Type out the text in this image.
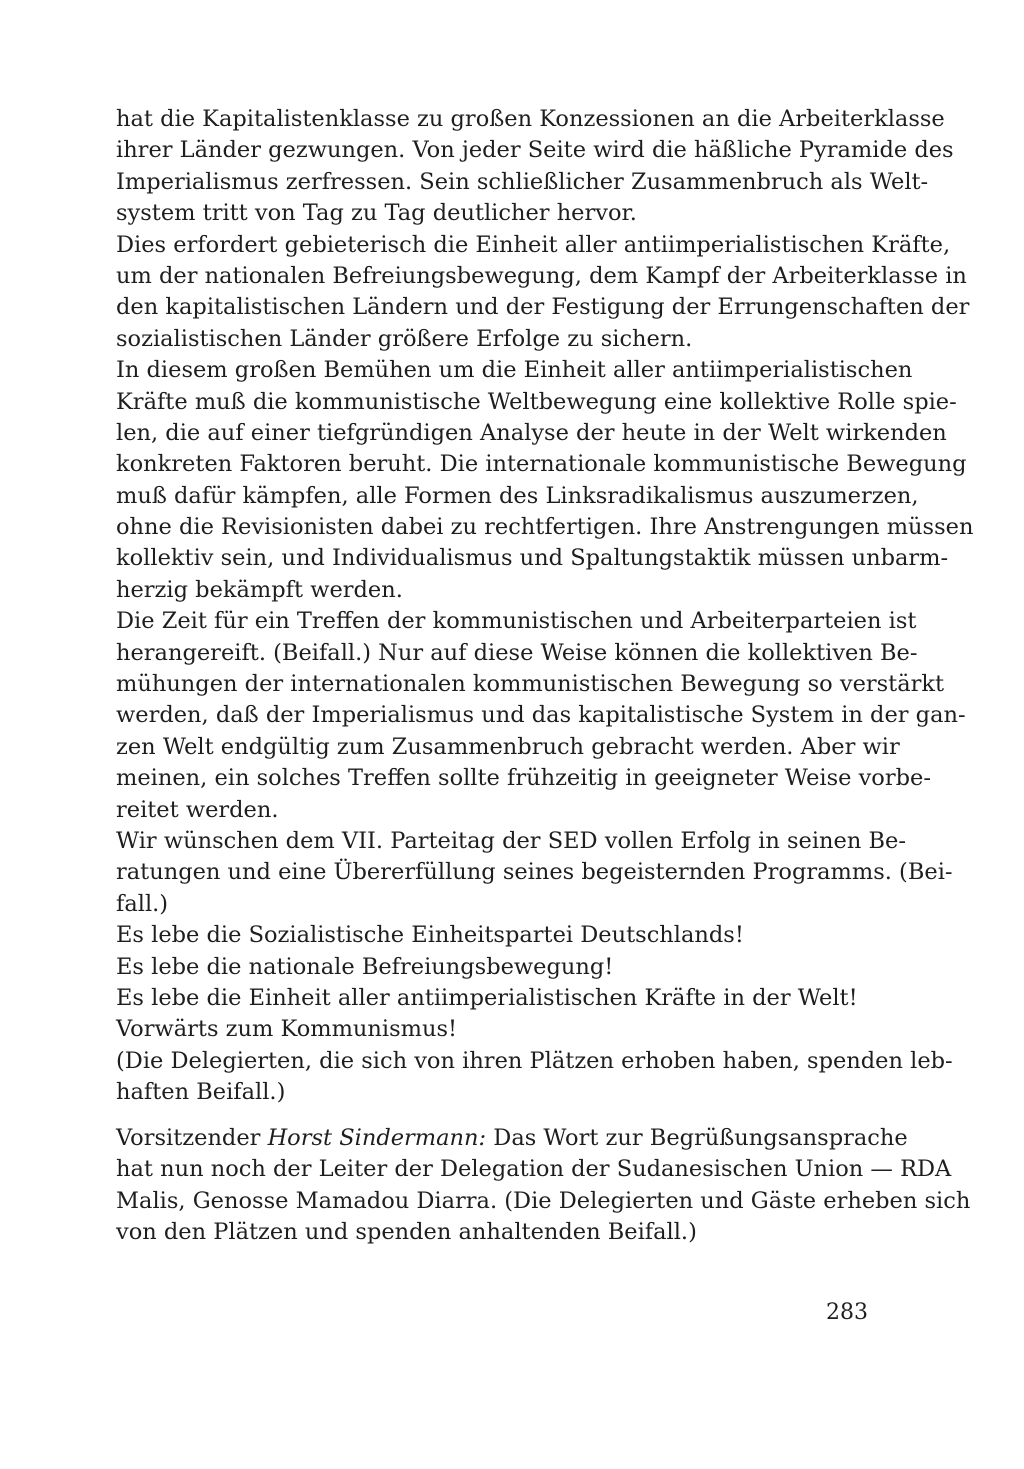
hat die Kapitalistenklasse zu großen Konzessionen an die Arbeiterklasse
ihrer Länder gezwungen. Von jeder Seite wird die häßliche Pyramide des
Imperialismus zerfressen. Sein schließlicher Zusammenbruch als Welt-
system tritt von Tag zu Tag deutlicher hervor.
Dies erfordert gebieterisch die Einheit aller antiimperialistischen Kräfte,
um der nationalen Befreiungsbewegung, dem Kampf der Arbeiterklasse in
den kapitalistischen Ländern und der Festigung der Errungenschaften der
sozialistischen Länder größere Erfolge zu sichern.
In diesem großen Bemühen um die Einheit aller antiimperialistischen
Kräfte muß die kommunistische Weltbewegung eine kollektive Rolle spie-
len, die auf einer tiefgründigen Analyse der heute in der Welt wirkenden
konkreten Faktoren beruht. Die internationale kommunistische Bewegung
muß dafür kämpfen, alle Formen des Linksradikalismus auszumerzen,
ohne die Revisionisten dabei zu rechtfertigen. Ihre Anstrengungen müssen
kollektiv sein, und Individualismus und Spaltungstaktik müssen unbarm-
herzig bekämpft werden.
Die Zeit für ein Treffen der kommunistischen und Arbeiterparteien ist
herangereift. (Beifall.) Nur auf diese Weise können die kollektiven Be-
mühungen der internationalen kommunistischen Bewegung so verstärkt
werden, daß der Imperialismus und das kapitalistische System in der gan-
zen Welt endgültig zum Zusammenbruch gebracht werden. Aber wir
meinen, ein solches Treffen sollte frühzeitig in geeigneter Weise vorbe-
reitet werden.
Wir wünschen dem VII. Parteitag der SED vollen Erfolg in seinen Be-
ratungen und eine Übererfüllung seines begeisternden Programms. (Bei-
fall.)
Es lebe die Sozialistische Einheitspartei Deutschlands!
Es lebe die nationale Befreiungsbewegung!
Es lebe die Einheit aller antiimperialistischen Kräfte in der Welt!
Vorwärts zum Kommunismus!
(Die Delegierten, die sich von ihren Plätzen erhoben haben, spenden leb-
haften Beifall.)
Vorsitzender Horst Sindermann: Das Wort zur Begrüßungsansprache
hat nun noch der Leiter der Delegation der Sudanesischen Union — RDA
Malis, Genosse Mamadou Diarra. (Die Delegierten und Gäste erheben sich
von den Plätzen und spenden anhaltenden Beifall.)
283
